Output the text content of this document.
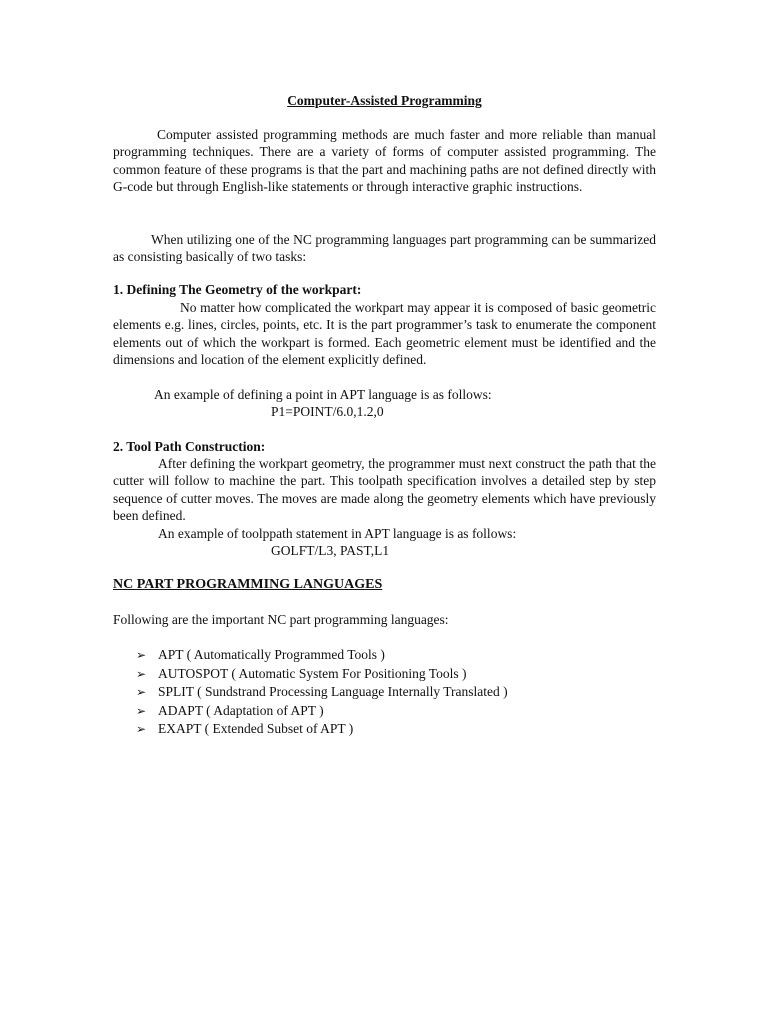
Computer-Assisted Programming

Computer assisted programming methods are much faster and more reliable than manual programming techniques. There are a variety of forms of computer assisted programming. The common feature of these programs is that the part and machining paths are not defined directly with G-code but through English-like statements or through interactive graphic instructions.

When utilizing one of the NC programming languages part programming can be summarized as consisting basically of two tasks:

1. Defining The Geometry of the workpart:

No matter how complicated the workpart may appear it is composed of basic geometric elements e.g. lines, circles, points, etc. It is the part programmer’s task to enumerate the component elements out of which the workpart is formed. Each geometric element must be identified and the dimensions and location of the element explicitly defined.

An example of defining a point in APT language is as follows:

P1=POINT/6.0,1.2,0

2. Tool Path Construction:

After defining the workpart geometry, the programmer must next construct the path that the cutter will follow to machine the part. This toolpath specification involves a detailed step by step sequence of cutter moves. The moves are made along the geometry elements which have previously been defined.

An example of toolppath statement in APT language is as follows:

GOLFT/L3, PAST,L1

NC PART PROGRAMMING LANGUAGES

Following are the important NC part programming languages:

➢ APT ( Automatically Programmed Tools )
➢ AUTOSPOT ( Automatic System For Positioning Tools )
➢ SPLIT ( Sundstrand Processing Language Internally Translated )
➢ ADAPT ( Adaptation of APT )
➢ EXAPT ( Extended Subset of APT )
